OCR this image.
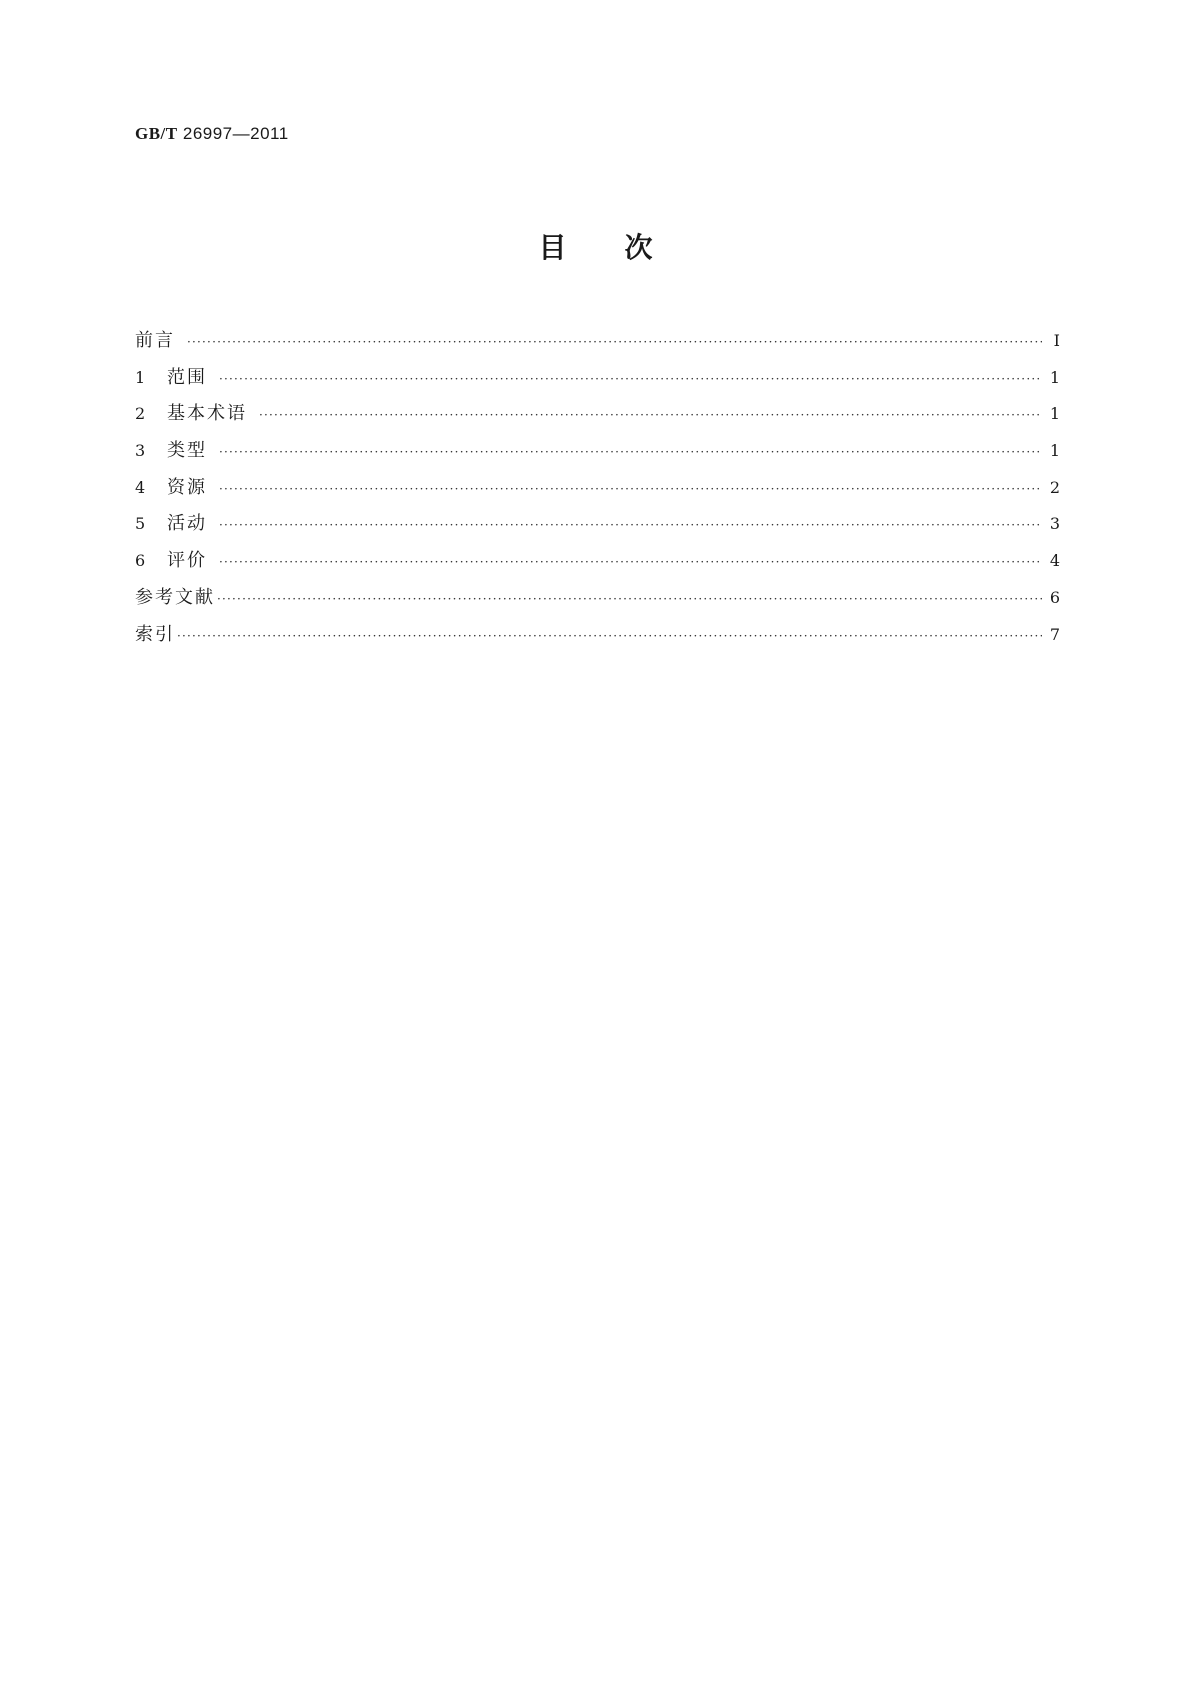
GB/T 26997—2011
目次
前言 ·····	I
1	范围 ·····	1
2	基本术语 ·····	1
3	类型 ·····	1
4	资源 ·····	2
5	活动 ·····	3
6	评价 ·····	4
参考文献 ·····	6
索引 ·····	7
